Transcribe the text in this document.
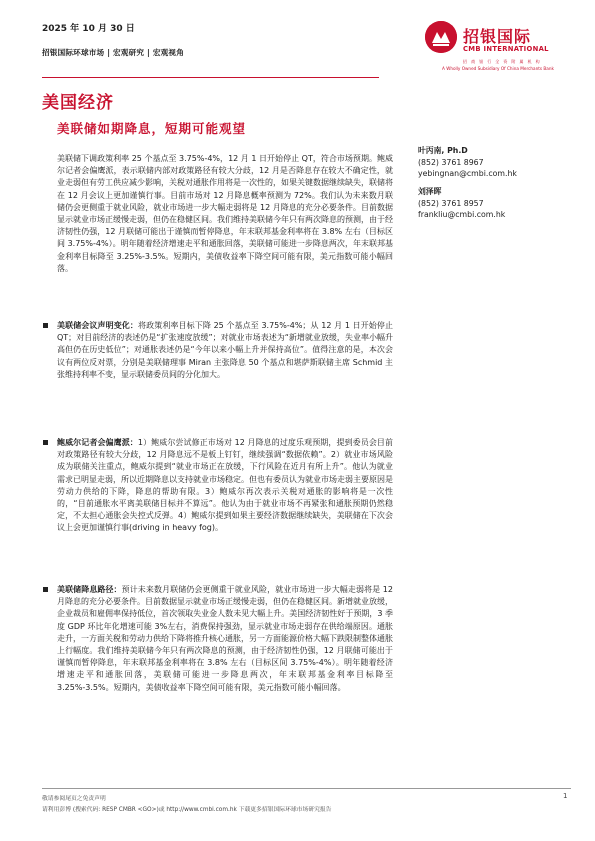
2025 年 10 月 30 日
招银国际环球市场 | 宏观研究 | 宏观视角
招银国际
CMB INTERNATIONAL
招 商 银 行 全 资 附 属 机 构
A Wholly Owned Subsidiary Of China Merchants Bank
美国经济
美联储如期降息，短期可能观望
叶丙南, Ph.D
(852) 3761 8967
yebingnan@cmbi.com.hk
刘泽晖
(852) 3761 8957
frankliu@cmbi.com.hk

美联储下调政策利率 25 个基点至 3.75%-4%，12 月 1 日开始停止 QT，符合市场预期。鲍威尔记者会偏鹰派，表示联储内部对政策路径有较大分歧，12 月是否降息存在较大不确定性，就业走弱但有劳工供应减少影响，关税对通胀作用将是一次性的，如果关键数据继续缺失，联储将在 12 月会议上更加谨慎行事。目前市场对 12 月降息概率预测为 72%。我们认为未来数月联储仍会更侧重于就业风险，就业市场进一步大幅走弱将是 12 月降息的充分必要条件。目前数据显示就业市场正缓慢走弱，但仍在稳健区间。我们维持美联储今年只有两次降息的预测，由于经济韧性仍强，12 月联储可能出于谨慎而暂停降息，年末联邦基金利率将在 3.8% 左右（目标区间 3.75%-4%）。明年随着经济增速走平和通胀回落，美联储可能进一步降息两次，年末联邦基金利率目标降至 3.25%-3.5%。短期内，美债收益率下降空间可能有限，美元指数可能小幅回落。

美联储会议声明变化：将政策利率目标下降 25 个基点至 3.75%-4%；从 12 月 1 日开始停止 QT；对目前经济的表述仍是“扩张速度放缓”；对就业市场表述为“新增就业放缓，失业率小幅升高但仍在历史低位”；对通胀表述仍是“今年以来小幅上升并保持高位”。值得注意的是，本次会议有两位反对票，分别是美联储理事 Miran 主张降息 50 个基点和堪萨斯联储主席 Schmid 主张维持利率不变，显示联储委员间的分化加大。
鲍威尔记者会偏鹰派：1）鲍威尔尝试修正市场对 12 月降息的过度乐观预期，提到委员会目前对政策路径有较大分歧，12 月降息远不是板上钉钉，继续强调“数据依赖”。2）就业市场风险成为联储关注重点，鲍威尔提到“就业市场正在放缓，下行风险在近月有所上升”。他认为就业需求已明显走弱，所以近期降息以支持就业市场稳定。但也有委员认为就业市场走弱主要原因是劳动力供给的下降，降息的帮助有限。3）鲍威尔再次表示关税对通胀的影响将是一次性的，“目前通胀水平离美联储目标并不算远”。他认为由于就业市场不再紧张和通胀预期仍然稳定，不太担心通胀会失控式反弹。4）鲍威尔提到如果主要经济数据继续缺失，美联储在下次会议上会更加谨慎行事(driving in heavy fog)。
美联储降息路径：预计未来数月联储仍会更侧重于就业风险，就业市场进一步大幅走弱将是 12 月降息的充分必要条件。目前数据显示就业市场正缓慢走弱，但仍在稳健区间。新增就业放缓，企业裁员和雇佣率保持低位，首次领取失业金人数未见大幅上升。美国经济韧性好于预期，3 季度 GDP 环比年化增速可能 3%左右，消费保持强劲，显示就业市场走弱存在供给端原因。通胀走升，一方面关税和劳动力供给下降将推升核心通胀，另一方面能源价格大幅下跌限制整体通胀上行幅度。我们维持美联储今年只有两次降息的预测，由于经济韧性仍强，12 月联储可能出于谨慎而暂停降息，年末联邦基金利率将在 3.8% 左右（目标区间 3.75%-4%）。明年随着经济增速走平和通胀回落，美联储可能进一步降息两次，年末联邦基金利率目标降至 3.25%-3.5%。短期内，美债收益率下降空间可能有限，美元指数可能小幅回落。
敬请参阅尾页之免责声明
请利用彭博 (搜索代码: RESP CMBR <GO>)或 http://www.cmbi.com.hk 下载更多招银国际环球市场研究报告
1
